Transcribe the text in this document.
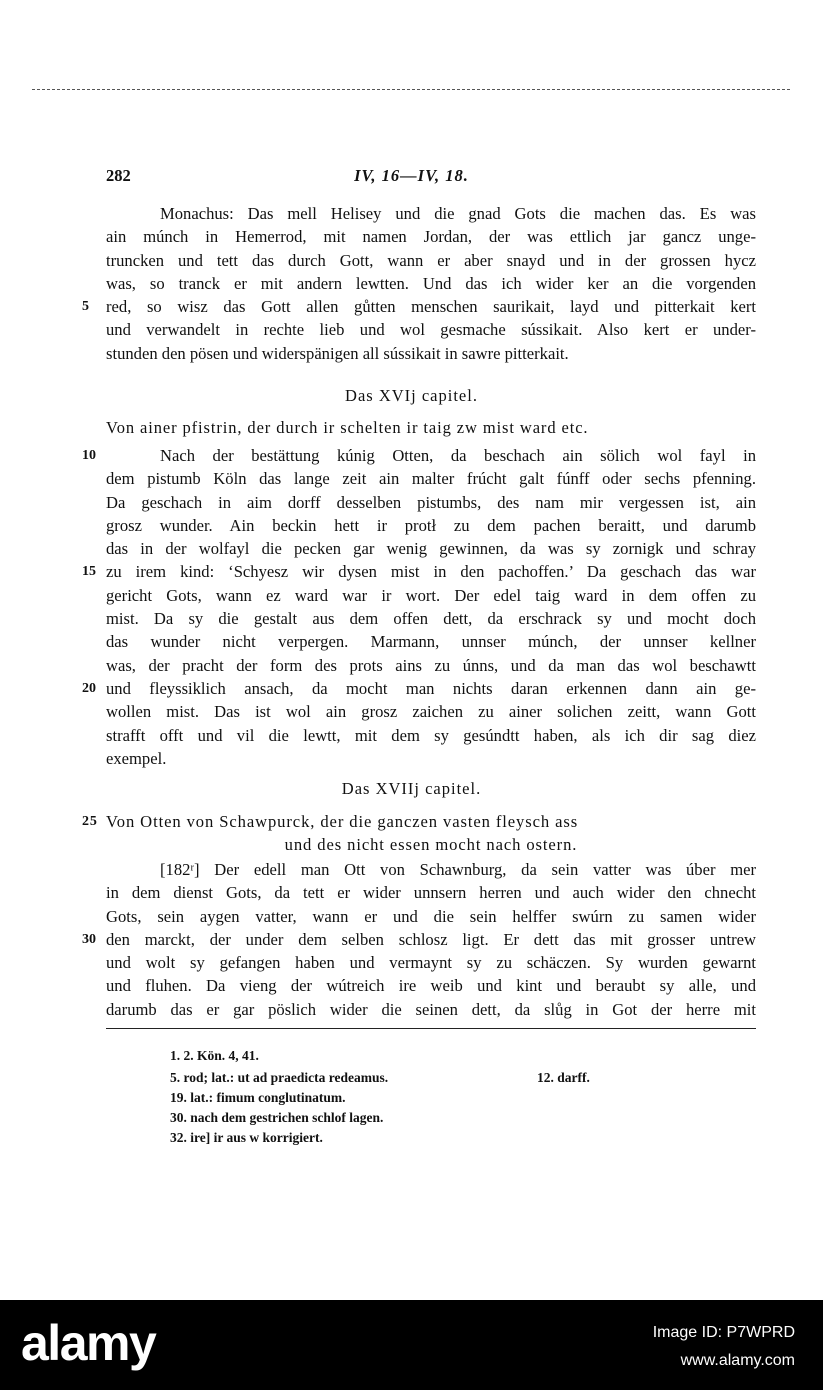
282	IV, 16—IV, 18.
Monachus: Das mell Helisey und die gnad Gots die machen das. Es was
ain múnch in Hemerrod, mit namen Jordan, der was ettlich jar gancz unge-
truncken und tett das durch Gott, wann er aber snayd und in der grossen hycz
was, so tranck er mit andern lewtten. Und das ich wider ker an die vorgenden
5 red, so wisz das Gott allen gůtten menschen saurikait, layd und pitterkait kert
und verwandelt in rechte lieb und wol gesmache sússikait. Also kert er under-
stunden den pösen und widerspänigen all sússikait in sawre pitterkait.
Das XVIj capitel.
Von ainer pfistrin, der durch ir schelten ir taig zw mist ward etc.
10	Nach der bestättung kúnig Otten, da beschach ain sölich wol fayl in
dem pistumb Köln das lange zeit ain malter frúcht galt fúnff oder sechs pfenning.
Da geschach in aim dorff desselben pistumbs, des nam mir vergessen ist, ain
grosz wunder. Ain beckin hett ir protł zu dem pachen beraitt, und darumb
das in der wolfayl die pecken gar wenig gewinnen, da was sy zornigk und schray
15 zu irem kind: ‘Schyesz wir dysen mist in den pachoffen.’ Da geschach das war
gericht Gots, wann ez ward war ir wort. Der edel taig ward in dem offen zu
mist. Da sy die gestalt aus dem offen dett, da erschrack sy und mocht doch
das wunder nicht verpergen. Marmann, unnser múnch, der unnser kellner
was, der pracht der form des prots ains zu únns, und da man das wol beschawtt
20 und fleyssiklich ansach, da mocht man nichts daran erkennen dann ain ge-
wollen mist. Das ist wol ain grosz zaichen zu ainer solichen zeitt, wann Gott
strafft offt und vil die lewtt, mit dem sy gesúndtt haben, als ich dir sag diez
exempel.
Das XVIIj capitel.
25 Von Otten von Schawpurck, der die ganczen vasten fleysch ass
und des nicht essen mocht nach ostern.
[182ʳ] Der edell man Ott von Schawnburg, da sein vatter was úber mer
in dem dienst Gots, da tett er wider unnsern herren und auch wider den chnecht
Gots, sein aygen vatter, wann er und die sein helffer swúrn zu samen wider
30 den marckt, der under dem selben schlosz ligt. Er dett das mit grosser untrew
und wolt sy gefangen haben und vermaynt sy zu schäczen. Sy wurden gewarnt
und fluhen. Da vieng der wútreich ire weib und kint und beraubt sy alle, und
darumb das er gar pöslich wider die seinen dett, da slůg in Got der herre mit
1. 2. Kön. 4, 41.
5. rod; lat.: ut ad praedicta redeamus.
19. lat.: fimum conglutinatum.
30. nach dem gestrichen schlof lagen.
32. ire] ir aus w korrigiert.
12. darff.
alamy	Image ID: P7WPRD
www.alamy.com
